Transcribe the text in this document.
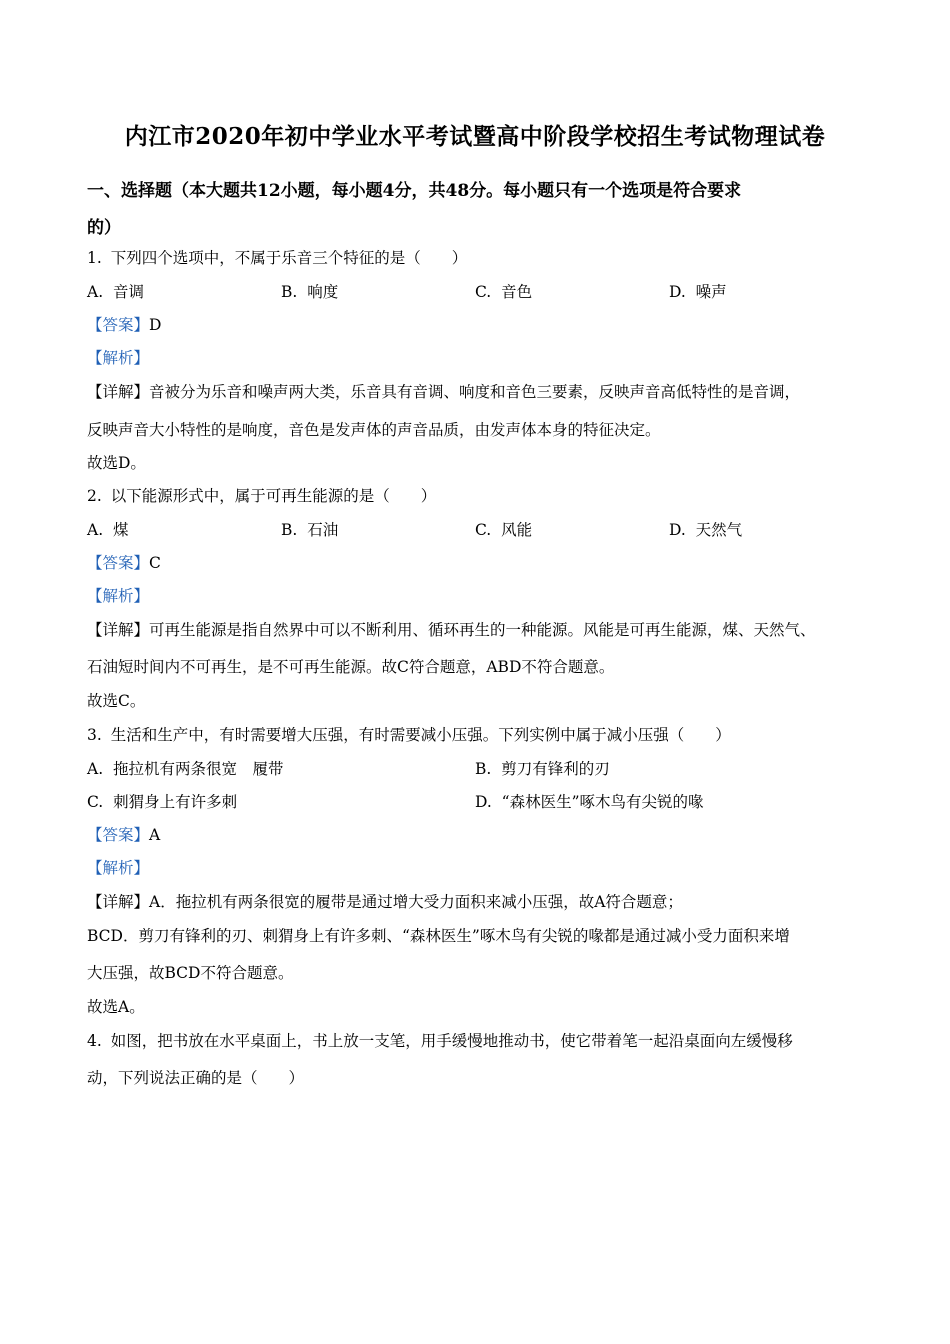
内江市2020年初中学业水平考试暨高中阶段学校招生考试物理试卷
一、选择题（本大题共12小题，每小题4分，共48分。每小题只有一个选项是符合要求
的）
1. 下列四个选项中，不属于乐音三个特征的是（　　）
A. 音调	B. 响度	C. 音色	D. 噪声
【答案】D
【解析】
【详解】音被分为乐音和噪声两大类，乐音具有音调、响度和音色三要素，反映声音高低特性的是音调，
反映声音大小特性的是响度，音色是发声体的声音品质，由发声体本身的特征决定。
故选D。
2. 以下能源形式中，属于可再生能源的是（　　）
A. 煤	B. 石油	C. 风能	D. 天然气
【答案】C
【解析】
【详解】可再生能源是指自然界中可以不断利用、循环再生的一种能源。风能是可再生能源，煤、天然气、
石油短时间内不可再生，是不可再生能源。故C符合题意，ABD不符合题意。
故选C。
3. 生活和生产中，有时需要增大压强，有时需要减小压强。下列实例中属于减小压强（　　）
A. 拖拉机有两条很宽　履带	B. 剪刀有锋利的刃
C. 刺猬身上有许多刺	D. “森林医生”啄木鸟有尖锐的喙
【答案】A
【解析】
【详解】A．拖拉机有两条很宽的履带是通过增大受力面积来减小压强，故A符合题意；
BCD．剪刀有锋利的刃、刺猬身上有许多刺、“森林医生”啄木鸟有尖锐的喙都是通过减小受力面积来增
大压强，故BCD不符合题意。
故选A。
4. 如图，把书放在水平桌面上，书上放一支笔，用手缓慢地推动书，使它带着笔一起沿桌面向左缓慢移
动，下列说法正确的是（　　）
